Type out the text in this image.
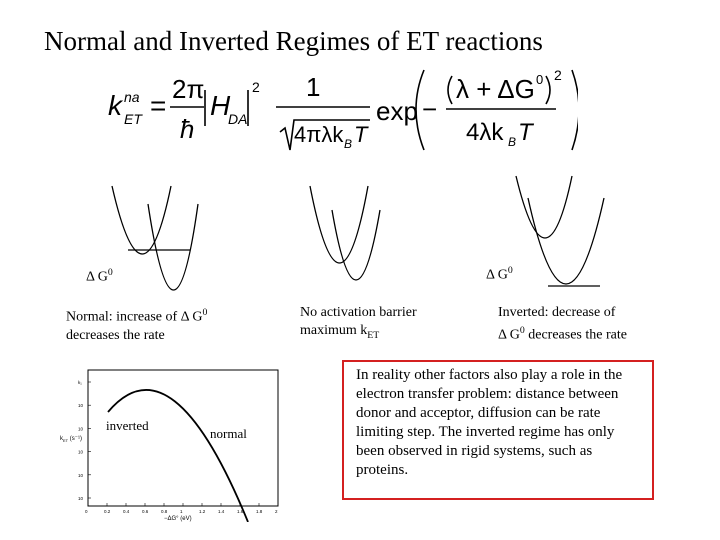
Normal and Inverted Regimes of ET reactions
k na
ET =
2π
ħ
H
DA
2 1
4πλk B T
exp −
λ + ΔG 0 2
4λk B T
Δ $G^0$	Δ $G^0$
Normal: increase of Δ $G^0$
decreases the rate
No activation barrier
maximum $k_{ET}$
Inverted: decrease of
Δ $G^0$ decreases the rate
0	0.2	0.4	0.6	0.8	1	1.2	1.4	1.6	1.8	2
k₁
10
10
10
10
10
$k_{ET}$ (s⁻¹)
−ΔG° (eV)
inverted
normal
In reality other factors also play a role in the electron transfer problem: distance between donor and acceptor, diffusion can be rate limiting step. The inverted regime has only been observed in rigid systems, such as proteins.
